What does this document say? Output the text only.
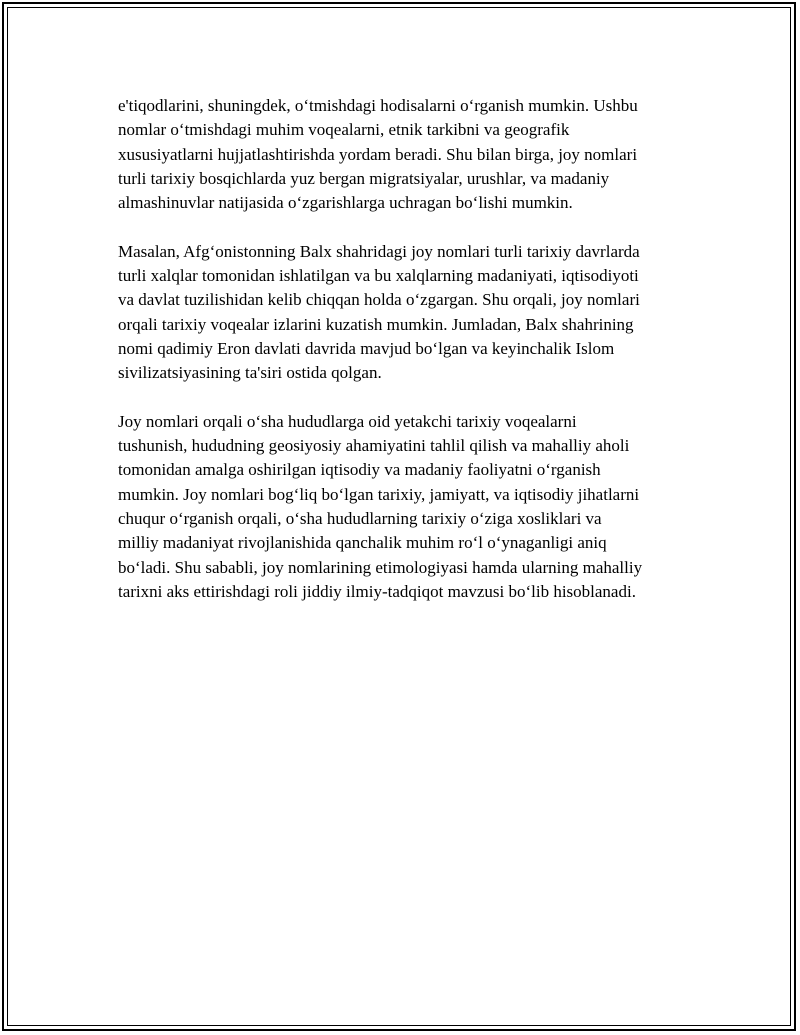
e'tiqodlarini, shuningdek, o‘tmishdagi hodisalarni o‘rganish mumkin. Ushbu
nomlar o‘tmishdagi muhim voqealarni, etnik tarkibni va geografik
xususiyatlarni hujjatlashtirishda yordam beradi. Shu bilan birga, joy nomlari
turli tarixiy bosqichlarda yuz bergan migratsiyalar, urushlar, va madaniy
almashinuvlar natijasida o‘zgarishlarga uchragan bo‘lishi mumkin.

Masalan, Afg‘onistonning Balx shahridagi joy nomlari turli tarixiy davrlarda
turli xalqlar tomonidan ishlatilgan va bu xalqlarning madaniyati, iqtisodiyoti
va davlat tuzilishidan kelib chiqqan holda o‘zgargan. Shu orqali, joy nomlari
orqali tarixiy voqealar izlarini kuzatish mumkin. Jumladan, Balx shahrining
nomi qadimiy Eron davlati davrida mavjud bo‘lgan va keyinchalik Islom
sivilizatsiyasining ta'siri ostida qolgan.

Joy nomlari orqali o‘sha hududlarga oid yetakchi tarixiy voqealarni
tushunish, hududning geosiyosiy ahamiyatini tahlil qilish va mahalliy aholi
tomonidan amalga oshirilgan iqtisodiy va madaniy faoliyatni o‘rganish
mumkin. Joy nomlari bog‘liq bo‘lgan tarixiy, jamiyatt, va iqtisodiy jihatlarni
chuqur o‘rganish orqali, o‘sha hududlarning tarixiy o‘ziga xosliklari va
milliy madaniyat rivojlanishida qanchalik muhim ro‘l o‘ynaganligi aniq
bo‘ladi. Shu sababli, joy nomlarining etimologiyasi hamda ularning mahalliy
tarixni aks ettirishdagi roli jiddiy ilmiy-tadqiqot mavzusi bo‘lib hisoblanadi.
